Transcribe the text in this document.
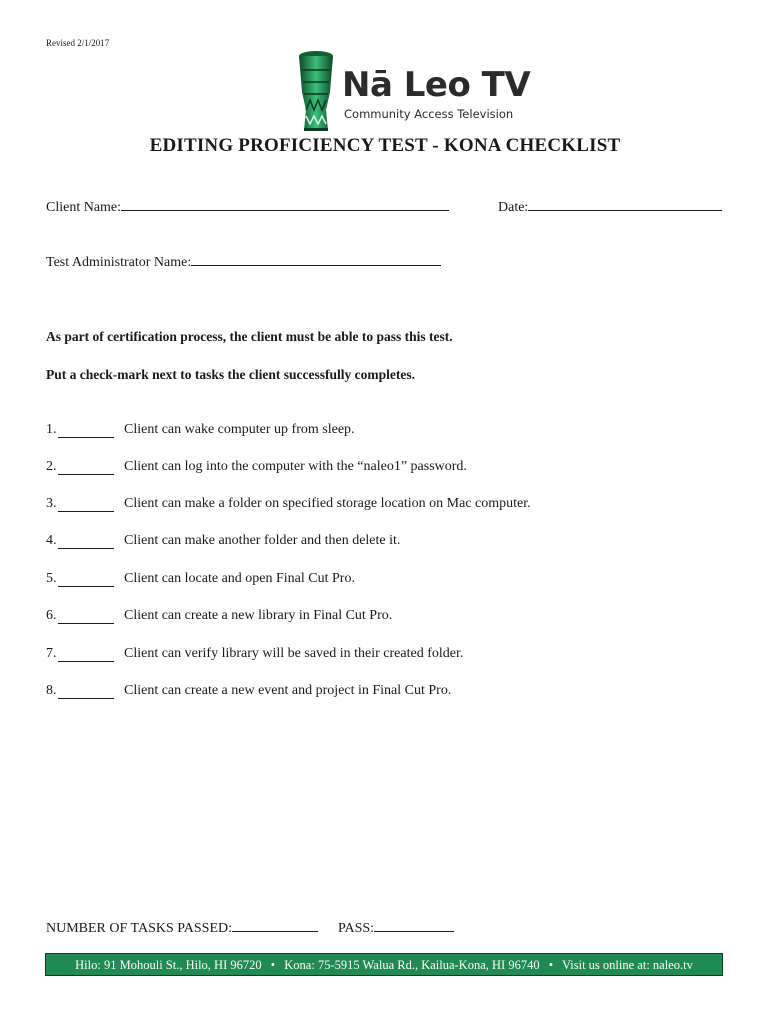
Revised 2/1/2017
Nā Leo TV
Community Access Television
EDITING PROFICIENCY TEST - KONA CHECKLIST
Client Name:	Date:
Test Administrator Name:
As part of certification process, the client must be able to pass this test.
Put a check-mark next to tasks the client successfully completes.
1.	Client can wake computer up from sleep.
2.	Client can log into the computer with the “naleo1” password.
3.	Client can make a folder on specified storage location on Mac computer.
4.	Client can make another folder and then delete it.
5.	Client can locate and open Final Cut Pro.
6.	Client can create a new library in Final Cut Pro.
7.	Client can verify library will be saved in their created folder.
8.	Client can create a new event and project in Final Cut Pro.
NUMBER OF TASKS PASSED:	PASS:
Hilo: 91 Mohouli St., Hilo, HI 96720 • Kona: 75-5915 Walua Rd., Kailua-Kona, HI 96740 • Visit us online at: naleo.tv
